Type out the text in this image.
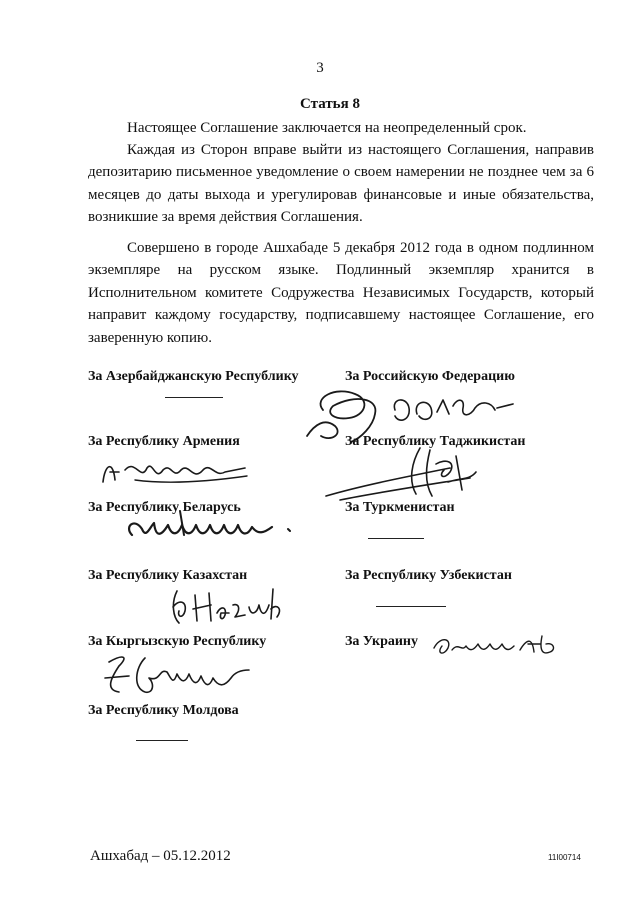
3
Статья 8

Настоящее Соглашение заключается на неопределенный срок.

Каждая из Сторон вправе выйти из настоящего Соглашения, направив депозитарию письменное уведомление о своем намерении не позднее чем за 6 месяцев до даты выхода и урегулировав финансовые и иные обязательства, возникшие за время действия Соглашения.

Совершено в городе Ашхабаде 5 декабря 2012 года в одном подлинном экземпляре на русском языке. Подлинный экземпляр хранится в Исполнительном комитете Содружества Независимых Государств, который направит каждому государству, подписавшему настоящее Соглашение, его заверенную копию.

За Азербайджанскую Республику
За Республику Армения
За Республику Беларусь
За Республику Казахстан
За Кыргызскую Республику
За Республику Молдова
За Российскую Федерацию
За Республику Таджикистан
За Туркменистан
За Республику Узбекистан
За Украину
Ашхабад – 05.12.2012	11I00714
